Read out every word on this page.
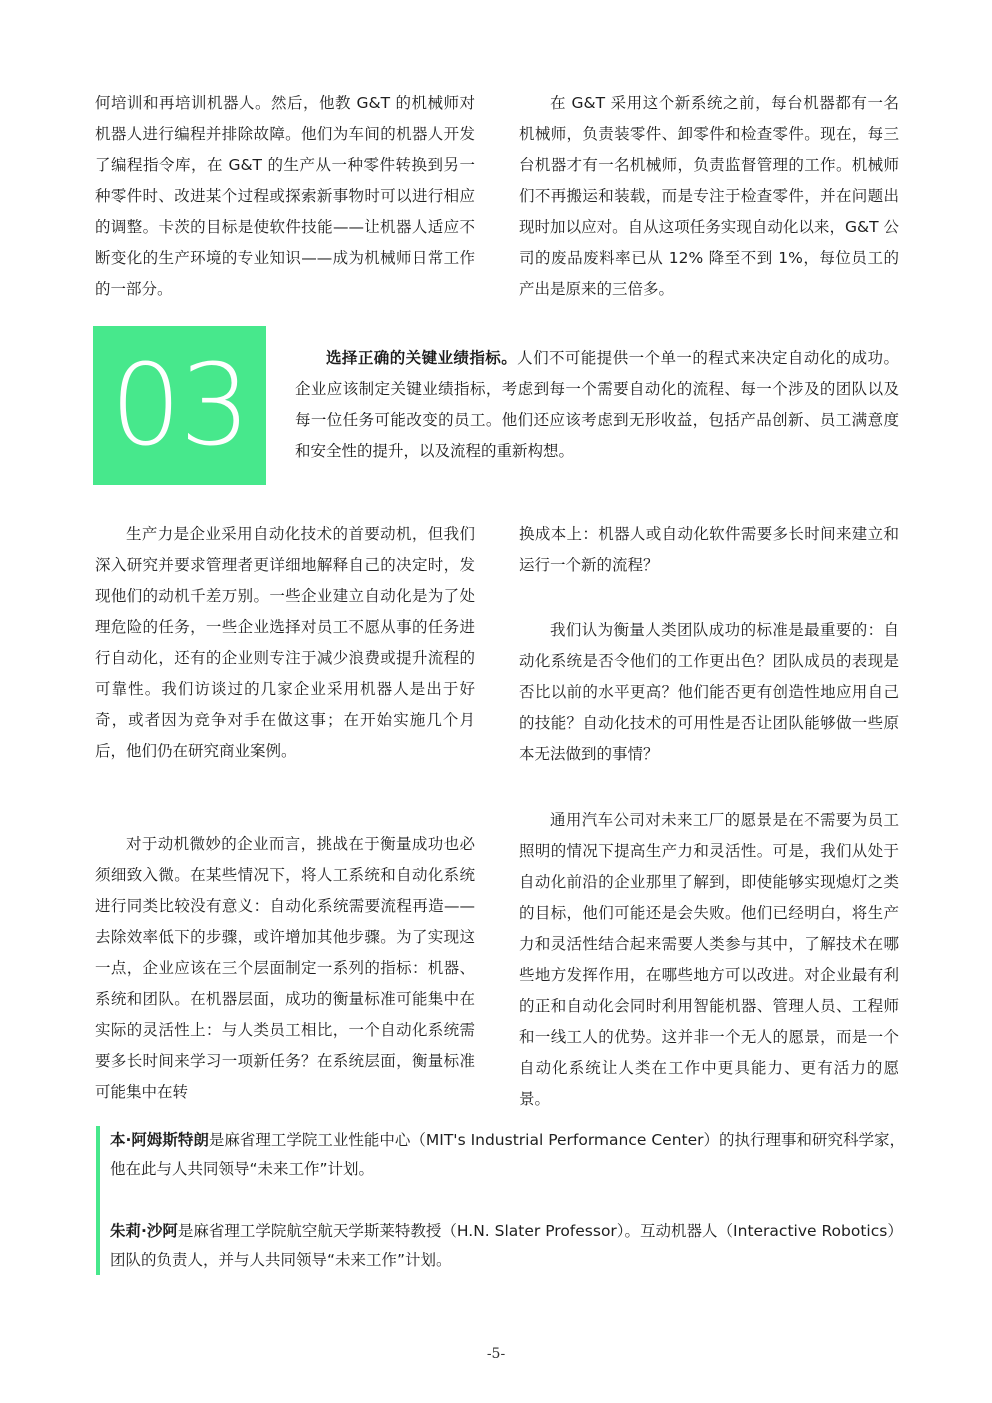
何培训和再培训机器人。然后，他教 G&T 的机械师对机器人进行编程并排除故障。他们为车间的机器人开发了编程指令库，在 G&T 的生产从一种零件转换到另一种零件时、改进某个过程或探索新事物时可以进行相应的调整。卡茨的目标是使软件技能——让机器人适应不断变化的生产环境的专业知识——成为机械师日常工作的一部分。

在 G&T 采用这个新系统之前，每台机器都有一名机械师，负责装零件、卸零件和检查零件。现在，每三台机器才有一名机械师，负责监督管理的工作。机械师们不再搬运和装载，而是专注于检查零件，并在问题出现时加以应对。自从这项任务实现自动化以来，G&T 公司的废品废料率已从 12% 降至不到 1%，每位员工的产出是原来的三倍多。

03	选择正确的关键业绩指标。人们不可能提供一个单一的程式来决定自动化的成功。企业应该制定关键业绩指标，考虑到每一个需要自动化的流程、每一个涉及的团队以及每一位任务可能改变的员工。他们还应该考虑到无形收益，包括产品创新、员工满意度和安全性的提升，以及流程的重新构想。

生产力是企业采用自动化技术的首要动机，但我们深入研究并要求管理者更详细地解释自己的决定时，发现他们的动机千差万别。一些企业建立自动化是为了处理危险的任务，一些企业选择对员工不愿从事的任务进行自动化，还有的企业则专注于减少浪费或提升流程的可靠性。我们访谈过的几家企业采用机器人是出于好奇，或者因为竞争对手在做这事；在开始实施几个月后，他们仍在研究商业案例。

对于动机微妙的企业而言，挑战在于衡量成功也必须细致入微。在某些情况下，将人工系统和自动化系统进行同类比较没有意义：自动化系统需要流程再造——去除效率低下的步骤，或许增加其他步骤。为了实现这一点，企业应该在三个层面制定一系列的指标：机器、系统和团队。在机器层面，成功的衡量标准可能集中在实际的灵活性上：与人类员工相比，一个自动化系统需要多长时间来学习一项新任务？在系统层面，衡量标准可能集中在转

换成本上：机器人或自动化软件需要多长时间来建立和运行一个新的流程？

我们认为衡量人类团队成功的标准是最重要的：自动化系统是否令他们的工作更出色？团队成员的表现是否比以前的水平更高？他们能否更有创造性地应用自己的技能？自动化技术的可用性是否让团队能够做一些原本无法做到的事情？

通用汽车公司对未来工厂的愿景是在不需要为员工照明的情况下提高生产力和灵活性。可是，我们从处于自动化前沿的企业那里了解到，即使能够实现熄灯之类的目标，他们可能还是会失败。他们已经明白，将生产力和灵活性结合起来需要人类参与其中，了解技术在哪些地方发挥作用，在哪些地方可以改进。对企业最有利的正和自动化会同时利用智能机器、管理人员、工程师和一线工人的优势。这并非一个无人的愿景，而是一个自动化系统让人类在工作中更具能力、更有活力的愿景。

本·阿姆斯特朗是麻省理工学院工业性能中心（MIT's Industrial Performance Center）的执行理事和研究科学家，他在此与人共同领导“未来工作”计划。

朱莉·沙阿是麻省理工学院航空航天学斯莱特教授（H.N. Slater Professor）。互动机器人（Interactive Robotics）团队的负责人，并与人共同领导“未来工作”计划。

-5-
